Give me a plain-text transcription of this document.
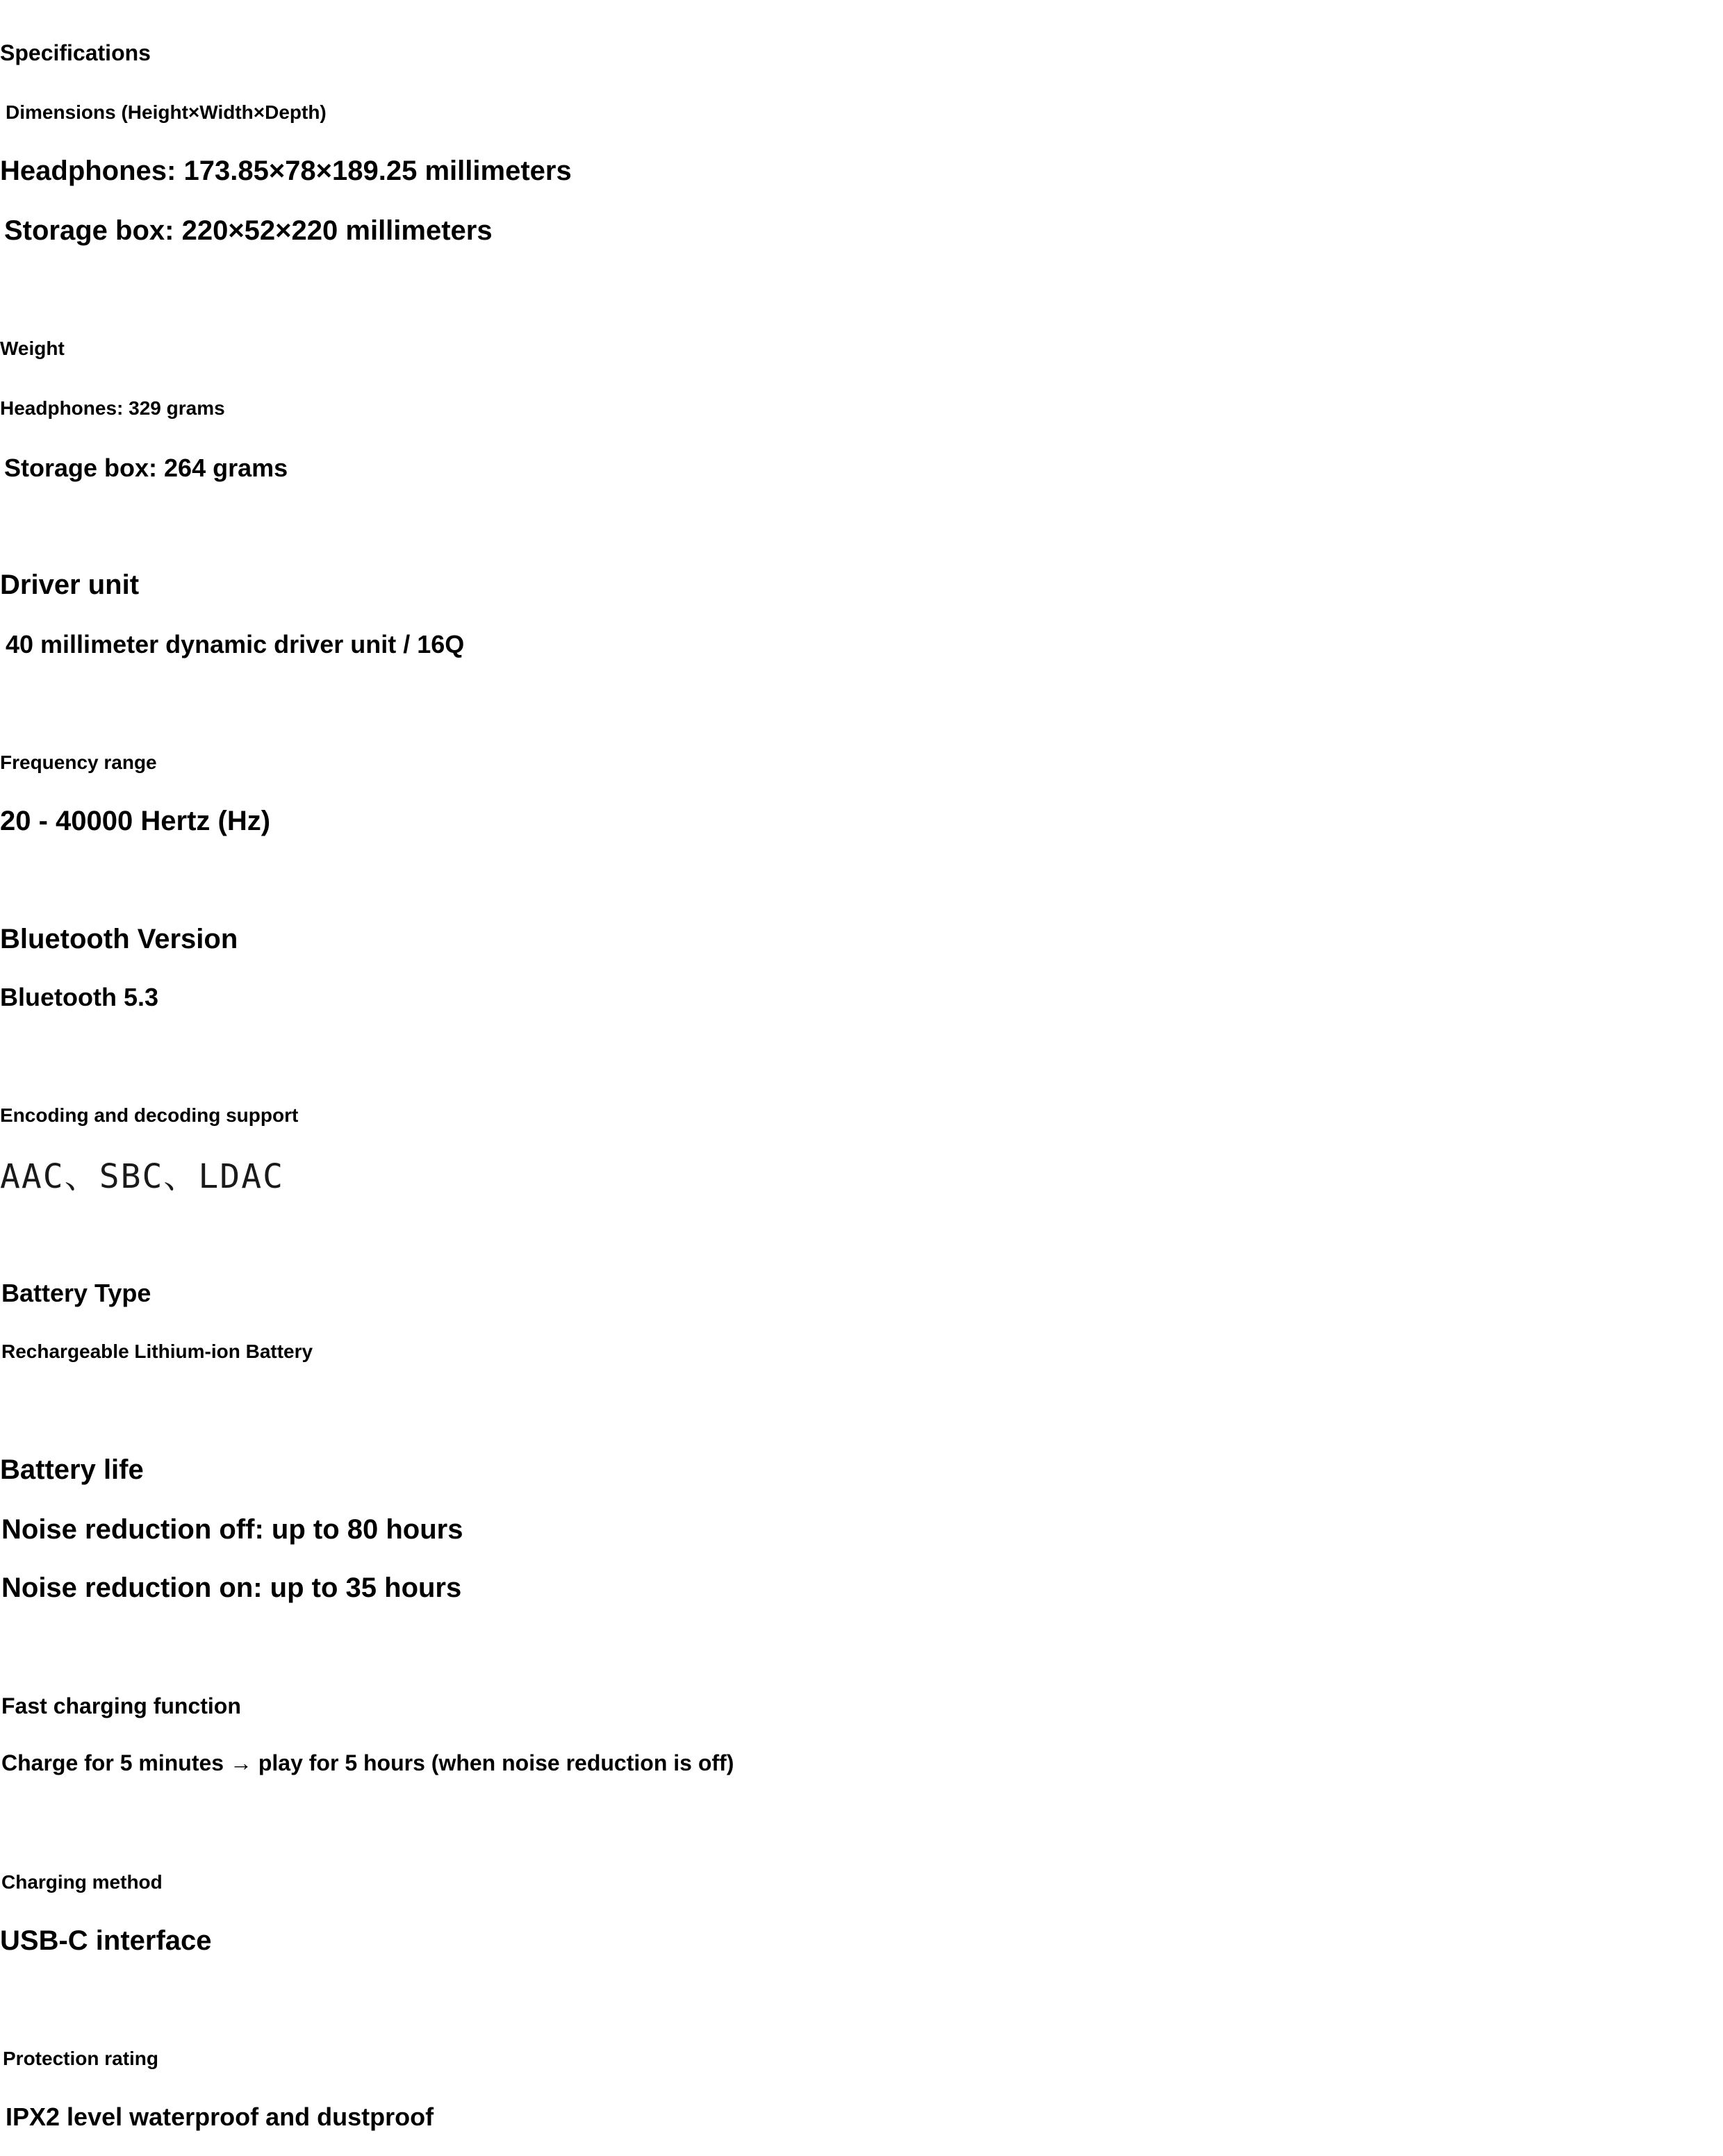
Specifications
Dimensions (Height×Width×Depth)
Headphones: 173.85×78×189.25 millimeters
Storage box: 220×52×220 millimeters
Weight
Headphones: 329 grams
Storage box: 264 grams
Driver unit
40 millimeter dynamic driver unit / 16Q
Frequency range
20 - 40000 Hertz (Hz)
Bluetooth Version
Bluetooth 5.3
Encoding and decoding support
AAC、SBC、LDAC
Battery Type
Rechargeable Lithium-ion Battery
Battery life
Noise reduction off: up to 80 hours
Noise reduction on: up to 35 hours
Fast charging function
Charge for 5 minutes → play for 5 hours (when noise reduction is off)
Charging method
USB-C interface
Protection rating
IPX2 level waterproof and dustproof
